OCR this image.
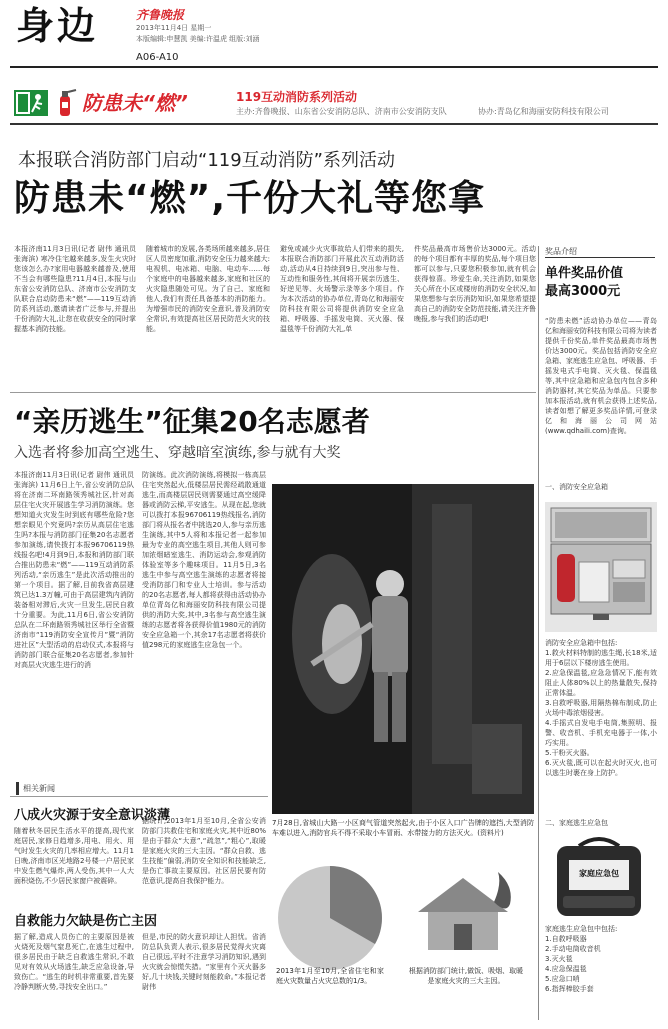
身边	齐鲁晚报
2013年11月4日 星期一
本版编辑:申慧凯 美编:许温虎 组版:刘涵
A06-A10
防患未“燃”	119互动消防系列活动
主办:齐鲁晚报、山东省公安消防总队、济南市公安消防支队	协办:青岛亿和海丽安防科技有限公司
本报联合消防部门启动“119互动消防”系列活动
防患未“燃”,千份大礼等您拿
本报济南11月3日讯(记者 尉伟 通讯员 张海滨) 寒冷住宅越来越多,发生火灾时您该怎么办?家用电器越来越普及,使用不当会有哪些隐患?11月4日,本报与山东省公安消防总队、济南市公安消防支队联合启动防患未“燃”——119互动消防系列活动,邀请读者广泛参与,并提出千份消防大礼,让您在收获安全的同时掌握基本消防技能。
随着城市的发展,各类场所越来越多,居住区人员密度加重,消防安全压力越来越大:电视机、电冰箱、电脑、电动车……每个家庭中的电器越来越多,家庭和社区的火灾隐患随处可见。为了自己、家庭和他人,我们有责任具备基本的消防能力。为增强市民的消防安全意识,普及消防安全常识,有效提高社区居民防范火灾的技能。
避免或减少火灾事故给人们带来的损失,本报联合消防部门开展此次互动消防活动,活动从4日持续到9日,突出参与性、互动性和服务性,其间将开展亲历逃生、好逆见等、火场警示录等多个项目。作为本次活动的协办单位,青岛亿和海丽安防科技有限公司将提供消防安全应急箱、呼吸器、手摇发电筒、灭火器、保温毯等千份消防大礼,单
件奖品最高市场售价达3000元。活动的每个项目都有丰厚的奖品,每个项目您都可以参与,只要您积极参加,就有机会获得惊喜。珍爱生命,关注消防,如果您关心所在小区或楼房的消防安全状况,如果您想参与亲历消防知识,如果您希望提高自己的消防安全防范技能,请关注齐鲁晚报,参与我们的活动吧!
奖品介绍
单件奖品价值
最高3000元
“防患未燃”活动协办单位——青岛亿和海丽安防科技有限公司将为读者提供千份奖品,单件奖品最高市场售价达3000元。奖品包括消防安全应急箱、家庭逃生应急包、呼吸器、手摇发电式手电筒、灭火毯、保温毯等,其中应急箱和应急包内包含多种消防器材,其它奖品为单品。只要参加本报活动,就有机会获得上述奖品,读者如想了解更多奖品详情,可登录亿和海丽公司网站(www.qdhaili.com)查询。
一、消防安全应急箱
消防安全应急箱中包括:
1.救火材料特制的逃生绳,长18米,适用于6层以下楼房逃生使用。
2.应急保温毯,应急急情况下,能有效阻止人体80%以上的热量散失,保持正常体温。
3.自救呼吸器,用隔热棉布制成,防止火场中毒浓烟侵害。
4.手摇式自发电手电筒,集照明、报警、收音机、手机充电器于一体,小巧实用。
5.干粉灭火器。
6.灭火毯,既可以在起火时灭火,也可以逃生时裹在身上防护。
二、家庭逃生应急包
家庭应急包
家庭逃生应急包中包括:
1.自救呼吸器
2.手动电筒收音机
3.灭火毯
4.应急保温毯
5.应急口哨
6.指挥棒胶手套
“亲历逃生”征集20名志愿者
入选者将参加高空逃生、穿越暗室演练,参与就有大奖
本报济南11月3日讯(记者 尉伟 通讯员 张海滨) 11月6日上午,省公安消防总队将在济南二环南路领秀城社区,针对高层住宅火灾开展逃生学习消防演练。您想知道火灾发生时到底有哪些危险?您想亲眼见个究竟吗?亲历从高层住宅逃生吗?本报与消防部门征集20名志愿者参加演练,请快拨打本报96706119热线报名吧!4月到9日,本报和消防部门联合推出防患未“燃”——119互动消防系列活动,“亲历逃生”是此次活动推出的第一个项目。据了解,目前我省高层建筑已达1.3万幢,可由于高层建筑内消防装备相对滞后,火灾一旦发生,居民自救十分重要。为此,11月6日,省公安消防总队在二环南路领秀城社区举行全省暨济南市“119消防安全宣传月”暨“消防进社区”大型活动的启动仪式,本报将与消防部门联合征集20名志愿者,参加针对高层火灾逃生进行的消
防演练。此次消防演练,将模拟一栋高层住宅突然起火,低楼层居民需经疏散通道逃生,而高楼层居民则需要通过高空缓降器或消防云梯,平安逃生。从现在起,您就可以拨打本报96706119热线报名,消防部门将从报名者中挑选20人,参与亲历逃生演练,其中5人将和本报记者一起参加最为专业的高空逃生项目,其他人则可参加浓烟暗室逃生、消防运动会,参观消防体验室等多个趣味项目。11月5日,3名逃生中参与高空逃生演练的志愿者将接受消防部门和专业人士培训。参与活动的20名志愿者,每人都将获得由活动协办单位青岛亿和海丽安防科技有限公司提供的消防大奖,其中,3名参与高空逃生演练的志愿者将各获得价值1980元的消防安全应急箱一个,其余17名志愿者将获价值298元的家庭逃生应急包一个。
7月28日,省城山大路一小区商气管道突然起火,由于小区入口广告牌的遮挡,大型消防车难以进入,消防官兵不得不采取小车冒雨、水带接力的方法灭火。(资料片)
相关新闻
八成火灾源于安全意识淡薄
随着秋冬居民生活水平的提高,现代家庭居民,家修日趋增多,用电、用火、用气时发生火灾的几率相应增大。11月1日晚,济南市区光地路2号楼一户居民家中发生燃气爆炸,两人受伤,其中一人大面积烧伤,不少居民家窗户被震碎。
据统计,2013年1月至10月,全省公安消防部门共救住宅和家庭火灾,其中近80%是由于群众“大意”,“疏忽”,“粗心”,取暖是家庭火灾的三大主因。“群众自救、逃生技能”偏弱,消防安全知识和技能缺乏,是伤亡事故主要原因。社区居民要有防范意识,提高自我保护能力。
自救能力欠缺是伤亡主因
据了解,造成人员伤亡的主要原因是被火烧死及烟气窒息死亡,在逃生过程中,很多居民由于缺乏自救逃生常识,不敢见对有效从火场逃生,缺乏应急设备,导致伤亡。“逃生的时机非常重要,首先要冷静判断火势,寻找安全出口。”
但是,市民的防火意识却让人担忧。省消防总队负责人表示,很多居民觉得火灾离自己很远,平时不注意学习消防知识,遇到火灾就会惊慌失措。“家里有个灭火器多好,几十块钱,关键时刻能救命。”本报记者 尉伟
2013年1月至10月,全省住宅和家庭火灾数量占火灾总数的1/3。
根据消防部门统计,做饭、吸烟、取暖是家庭火灾的三大主因。
